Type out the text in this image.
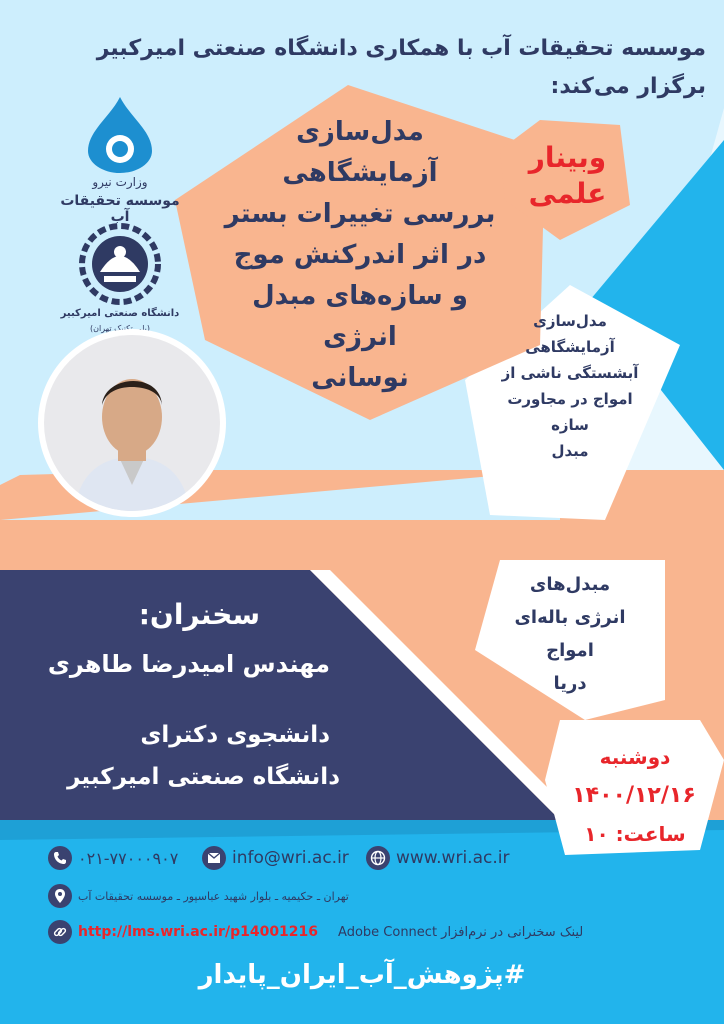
موسسه تحقیقات آب با همکاری دانشگاه صنعتی امیرکبیر
برگزار می‌کند:
وزارت نیرو
موسسه تحقیقات آب
دانشگاه صنعتی امیرکبیر
(پلی تکنیک تهران)
وبینار
علمی
مدل‌سازی
آزمایشگاهی
بررسی تغییرات بستر
در اثر اندرکنش موج
و سازه‌های مبدل
انرژی
نوسانی
مدل‌سازی
آزمایشگاهی
آبشستگی ناشی از
امواج در مجاورت
سازه
مبدل
مبدل‌های
انرژی باله‌ای
امواج
دریا
سخنران:
مهندس امیدرضا طاهری
دانشجوی دکترای
دانشگاه صنعتی امیرکبیر
دوشنبه
۱۴۰۰/۱۲/۱۶
ساعت: ۱۰
۰۲۱-۷۷۰۰۰۹۰۷	info@wri.ac.ir	www.wri.ac.ir
تهران ـ حکیمیه ـ بلوار شهید عباسپور ـ موسسه تحقیقات آب
http://lms.wri.ac.ir/p14001216 لینک سخنرانی در نرم‌افزار Adobe Connect
#پژوهش_آب_ایران_پایدار
